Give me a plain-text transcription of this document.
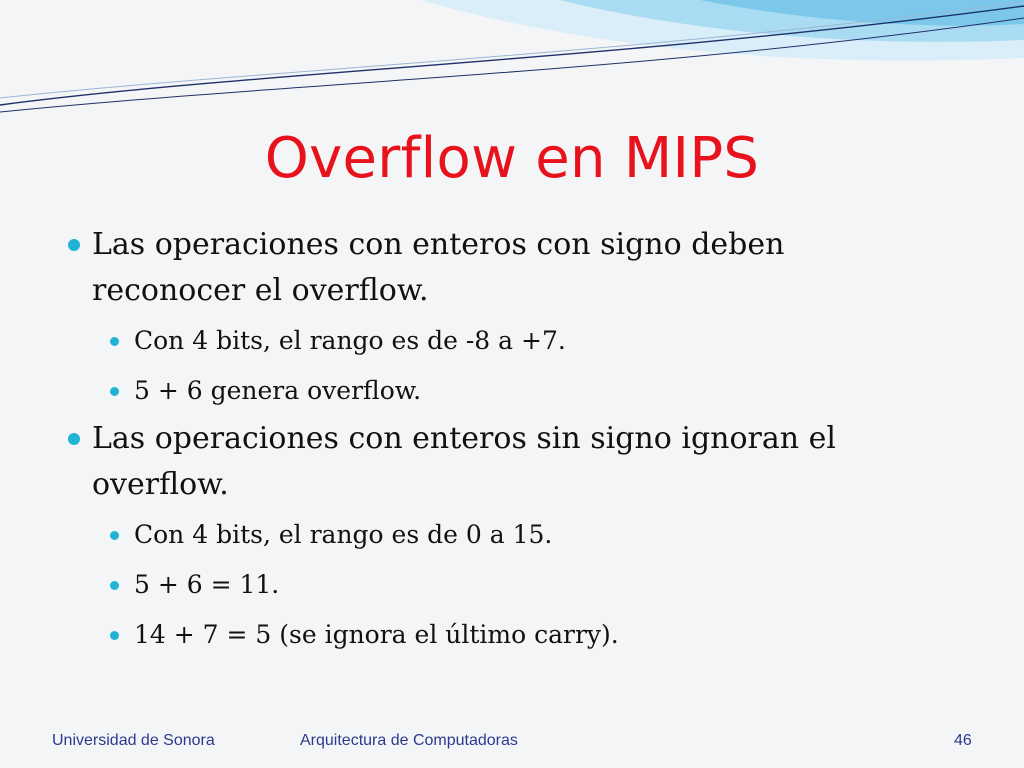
Overflow en MIPS
Las operaciones con enteros con signo deben
reconocer el overflow.
Con 4 bits, el rango es de -8 a +7.
5 + 6 genera overflow.
Las operaciones con enteros sin signo ignoran el
overflow.
Con 4 bits, el rango es de 0 a 15.
5 + 6 = 11.
14 + 7 = 5 (se ignora el último carry).
Universidad de Sonora	Arquitectura de Computadoras	46
